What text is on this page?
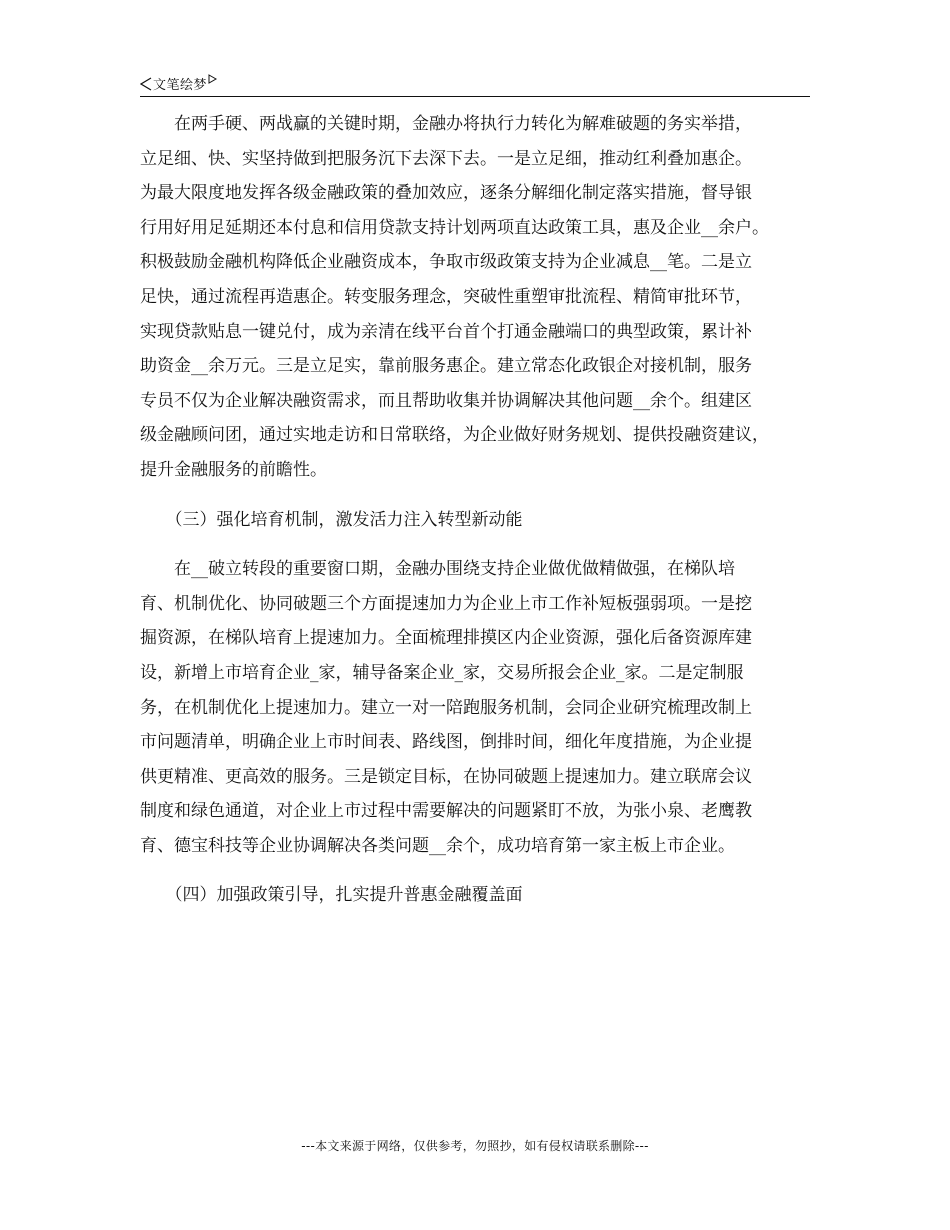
文笔绘梦
　　在两手硬、两战赢的关键时期，金融办将执行力转化为解难破题的务实举措，
立足细、快、实坚持做到把服务沉下去深下去。一是立足细，推动红利叠加惠企。
为最大限度地发挥各级金融政策的叠加效应，逐条分解细化制定落实措施，督导银
行用好用足延期还本付息和信用贷款支持计划两项直达政策工具，惠及企业__余户。
积极鼓励金融机构降低企业融资成本，争取市级政策支持为企业减息__笔。二是立
足快，通过流程再造惠企。转变服务理念，突破性重塑审批流程、精简审批环节，
实现贷款贴息一键兑付，成为亲清在线平台首个打通金融端口的典型政策，累计补
助资金__余万元。三是立足实，靠前服务惠企。建立常态化政银企对接机制，服务
专员不仅为企业解决融资需求，而且帮助收集并协调解决其他问题__余个。组建区
级金融顾问团，通过实地走访和日常联络，为企业做好财务规划、提供投融资建议，
提升金融服务的前瞻性。
　　（三）强化培育机制，激发活力注入转型新动能
　　在__破立转段的重要窗口期，金融办围绕支持企业做优做精做强，在梯队培
育、机制优化、协同破题三个方面提速加力为企业上市工作补短板强弱项。一是挖
掘资源，在梯队培育上提速加力。全面梳理排摸区内企业资源，强化后备资源库建
设，新增上市培育企业_家，辅导备案企业_家，交易所报会企业_家。二是定制服
务，在机制优化上提速加力。建立一对一陪跑服务机制，会同企业研究梳理改制上
市问题清单，明确企业上市时间表、路线图，倒排时间，细化年度措施，为企业提
供更精准、更高效的服务。三是锁定目标，在协同破题上提速加力。建立联席会议
制度和绿色通道，对企业上市过程中需要解决的问题紧盯不放，为张小泉、老鹰教
育、德宝科技等企业协调解决各类问题__余个，成功培育第一家主板上市企业。
　　（四）加强政策引导，扎实提升普惠金融覆盖面
---本文来源于网络，仅供参考，勿照抄，如有侵权请联系删除---
